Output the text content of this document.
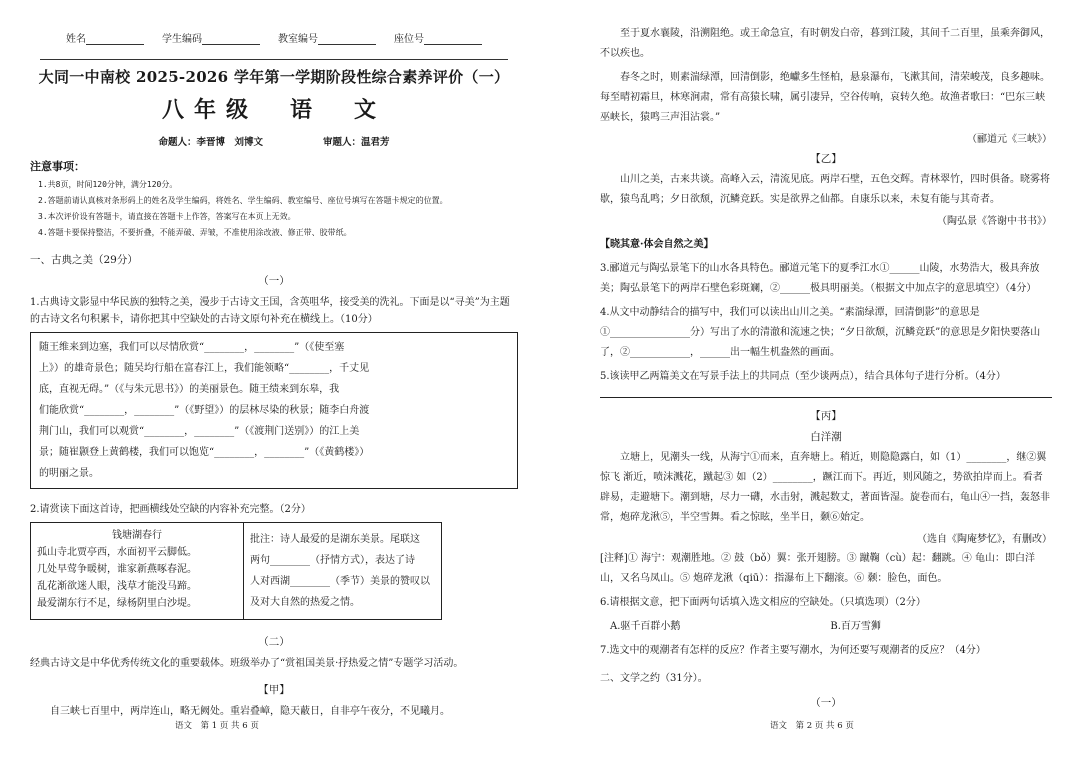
姓名	学生编码	教室编号	座位号
大同一中南校 2025-2026 学年第一学期阶段性综合素养评价（一）
八年级　语　文
命题人：李晋博　刘博文	审题人：温君芳
注意事项：
1.共8页，时间120分钟，满分120分。
2.答题前请认真核对条形码上的姓名及学生编码，将姓名、学生编码、教室编号、座位号填写在答题卡规定的位置。
3.本次评价设有答题卡，请直接在答题卡上作答，答案写在本页上无效。
4.答题卡要保持整洁，不要折叠，不能弄破、弄皱，不准使用涂改液、修正带、胶带纸。
一、古典之美（29分）
（一）

1.古典诗文影显中华民族的独特之美，漫步于古诗文王国，含英咀华，接受美的洗礼。下面是以“寻美”为主题的古诗文名句积累卡，请你把其中空缺处的古诗文原句补充在横线上。（10分）

随王维来到边塞，我们可以尽情欣赏“________，________”（《使至塞
上》）的雄奇景色；随吴均行船在富春江上，我们能领略“________，千丈见
底，直视无碍。”（《与朱元思书》）的美丽景色。随王绩来到东皋，我
们能欣赏“________，________”（《野望》）的层林尽染的秋景；随李白舟渡
荆门山，我们可以观赏“________，________”（《渡荆门送别》）的江上美
景；随崔颢登上黄鹤楼，我们可以饱览“________，________”（《黄鹤楼》）
的明丽之景。

2.请赏读下面这首诗，把画横线处空缺的内容补充完整。（2分）

钱塘湖春行
孤山寺北贾亭西，水面初平云脚低。
几处早莺争暖树，谁家新燕啄春泥。
乱花渐欲迷人眼，浅草才能没马蹄。
最爱湖东行不足，绿杨阴里白沙堤。
批注：诗人最爱的是湖东美景。尾联这
两句________（抒情方式），表达了诗
人对西湖________（季节）美景的赞叹以
及对大自然的热爱之情。
（二）

经典古诗文是中华优秀传统文化的重要载体。班级举办了“赏祖国美景·抒热爱之情”专题学习活动。

【甲】

自三峡七百里中，两岸连山，略无阙处。重岩叠嶂，隐天蔽日，自非亭午夜分，不见曦月。

语文　第 1 页 共 6 页

至于夏水襄陵，沿溯阻绝。或王命急宣，有时朝发白帝，暮到江陵，其间千二百里，虽乘奔御风，不以疾也。

春冬之时，则素湍绿潭，回清倒影，绝巘多生怪柏，悬泉瀑布，飞漱其间，清荣峻茂，良多趣味。每至晴初霜旦，林寒涧肃，常有高猿长啸，属引凄异，空谷传响，哀转久绝。故渔者歌曰：“巴东三峡巫峡长，猿鸣三声泪沾裳。”

（郦道元《三峡》）
【乙】

山川之美，古来共谈。高峰入云，清流见底。两岸石壁，五色交辉。青林翠竹，四时俱备。晓雾将歇，猿鸟乱鸣；夕日欲颓，沉鳞竞跃。实是欲界之仙都。自康乐以来，未复有能与其奇者。

（陶弘景《答谢中书书》）
【晓其意·体会自然之美】

3.郦道元与陶弘景笔下的山水各具特色。郦道元笔下的夏季江水①______山陵，水势浩大，极具奔放美；陶弘景笔下的两岸石壁色彩斑斓，②______极具明丽美。（根据文中加点字的意思填空）（4分）

4.从文中动静结合的描写中，我们可以读出山川之美。“素湍绿潭，回清倒影”的意思是①________________分）写出了水的清澈和流速之快；“夕日欲颓，沉鳞竞跃”的意思是夕阳快要落山了，②____________，______出一幅生机盎然的画面。

5.该读甲乙两篇美文在写景手法上的共同点（至少谈两点），结合具体句子进行分析。（4分）

【丙】
白洋潮

立塘上，见潮头一线，从海宁①而来，直奔塘上。稍近，则隐隐露白，如（1）________，继②翼惊飞 渐近，喷沫溅花，蹴起③ 如（2）________，蹶江而下。再近，则风随之，势欲拍岸而上。看者辟易，走避塘下。潮到塘，尽力一礴，水击射，溅起数丈，著面皆湿。旋卷而右，龟山④一挡，轰怒非常，炮碎龙湫⑤，半空雪舞。看之惊眩，坐半日，颡⑥始定。

（选自《陶庵梦忆》，有删改）

[注释]① 海宁：观潮胜地。② 鼓（bǒ）翼：张开翅膀。③ 蹴鞠（cù）起：翻跳。④ 龟山：即白洋山，又名乌凤山。⑤ 炮碎龙湫（qiū）：指瀑布上下翻滚。⑥ 颡：脸色，面色。

6.请根据文意，把下面两句话填入选文相应的空缺处。（只填选项）（2分）

A.驱千百群小鹅	B.百万雪狮

7.选文中的观潮者有怎样的反应？作者主要写潮水，为何还要写观潮者的反应？（4分）

二、文学之约（31分）。
（一）
语文　第 2 页 共 6 页
